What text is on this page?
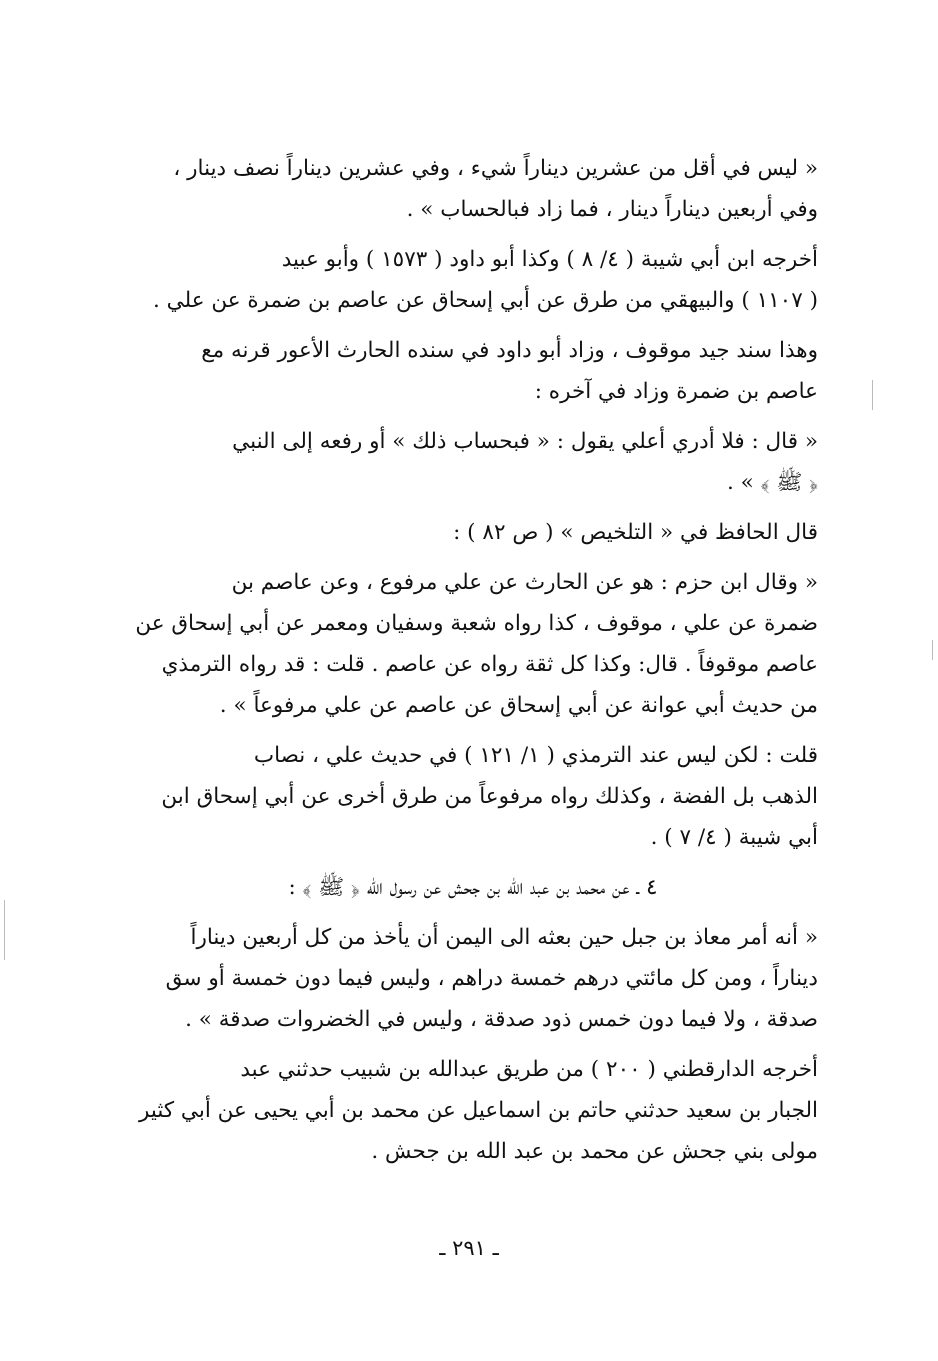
« ليس في أقل من عشرين ديناراً شيء ، وفي عشرين ديناراً نصف دينار ،
وفي أربعين ديناراً دينار ، فما زاد فبالحساب » .
أخرجه ابن أبي شيبة ( ٤/ ٨ ) وكذا أبو داود ( ١٥٧٣ ) وأبو عبيد
( ١١٠٧ ) والبيهقي من طرق عن أبي إسحاق عن عاصم بن ضمرة عن علي .
وهذا سند جيد موقوف ، وزاد أبو داود في سنده الحارث الأعور قرنه مع
عاصم بن ضمرة وزاد في آخره :
« قال : فلا أدري أعلي يقول : « فبحساب ذلك » أو رفعه إلى النبي
﴿ ﷺ ﴾ » .
قال الحافظ في « التلخيص » ( ص ٨٢ ) :
« وقال ابن حزم : هو عن الحارث عن علي مرفوع ، وعن عاصم بن
ضمرة عن علي ، موقوف ، كذا رواه شعبة وسفيان ومعمر عن أبي إسحاق عن
عاصم موقوفاً . قال: وكذا كل ثقة رواه عن عاصم . قلت : قد رواه الترمذي
من حديث أبي عوانة عن أبي إسحاق عن عاصم عن علي مرفوعاً » .
قلت : لكن ليس عند الترمذي ( ١/ ١٢١ ) في حديث علي ، نصاب
الذهب بل الفضة ، وكذلك رواه مرفوعاً من طرق أخرى عن أبي إسحاق ابن
أبي شيبة ( ٤/ ٧ ) .
٤ ـ عن محمد بن عبد الله بن جحش عن رسول الله ﴿ ﷺ ﴾ :
« أنه أمر معاذ بن جبل حين بعثه الى اليمن أن يأخذ من كل أربعين ديناراً
ديناراً ، ومن كل مائتي درهم خمسة دراهم ، وليس فيما دون خمسة أو سق
صدقة ، ولا فيما دون خمس ذود صدقة ، وليس في الخضروات صدقة » .
أخرجه الدارقطني ( ٢٠٠ ) من طريق عبدالله بن شبيب حدثني عبد
الجبار بن سعيد حدثني حاتم بن اسماعيل عن محمد بن أبي يحيى عن أبي كثير
مولى بني جحش عن محمد بن عبد الله بن جحش .
ـ ٢٩١ ـ
